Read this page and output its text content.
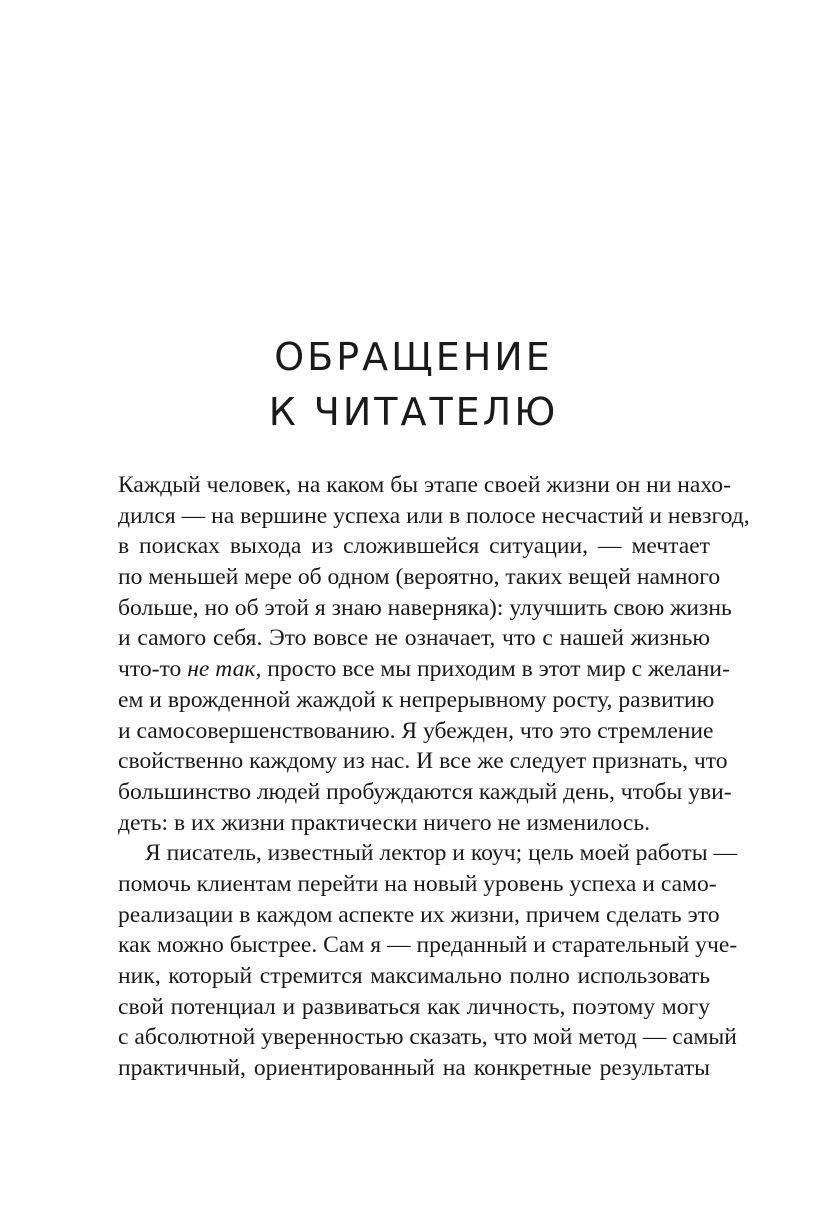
ОБРАЩЕНИЕ
К ЧИТАТЕЛЮ
Каждый человек, на каком бы этапе своей жизни он ни нахо-
дился — на вершине успеха или в полосе несчастий и невзгод,
в поисках выхода из сложившейся ситуации, — мечтает
по меньшей мере об одном (вероятно, таких вещей намного
больше, но об этой я знаю наверняка): улучшить свою жизнь
и самого себя. Это вовсе не означает, что с нашей жизнью
что-то не так, просто все мы приходим в этот мир с желани-
ем и врожденной жаждой к непрерывному росту, развитию
и самосовершенствованию. Я убежден, что это стремление
свойственно каждому из нас. И все же следует признать, что
большинство людей пробуждаются каждый день, чтобы уви-
деть: в их жизни практически ничего не изменилось.
Я писатель, известный лектор и коуч; цель моей работы —
помочь клиентам перейти на новый уровень успеха и само-
реализации в каждом аспекте их жизни, причем сделать это
как можно быстрее. Сам я — преданный и старательный уче-
ник, который стремится максимально полно использовать
свой потенциал и развиваться как личность, поэтому могу
с абсолютной уверенностью сказать, что мой метод — самый
практичный, ориентированный на конкретные результаты
